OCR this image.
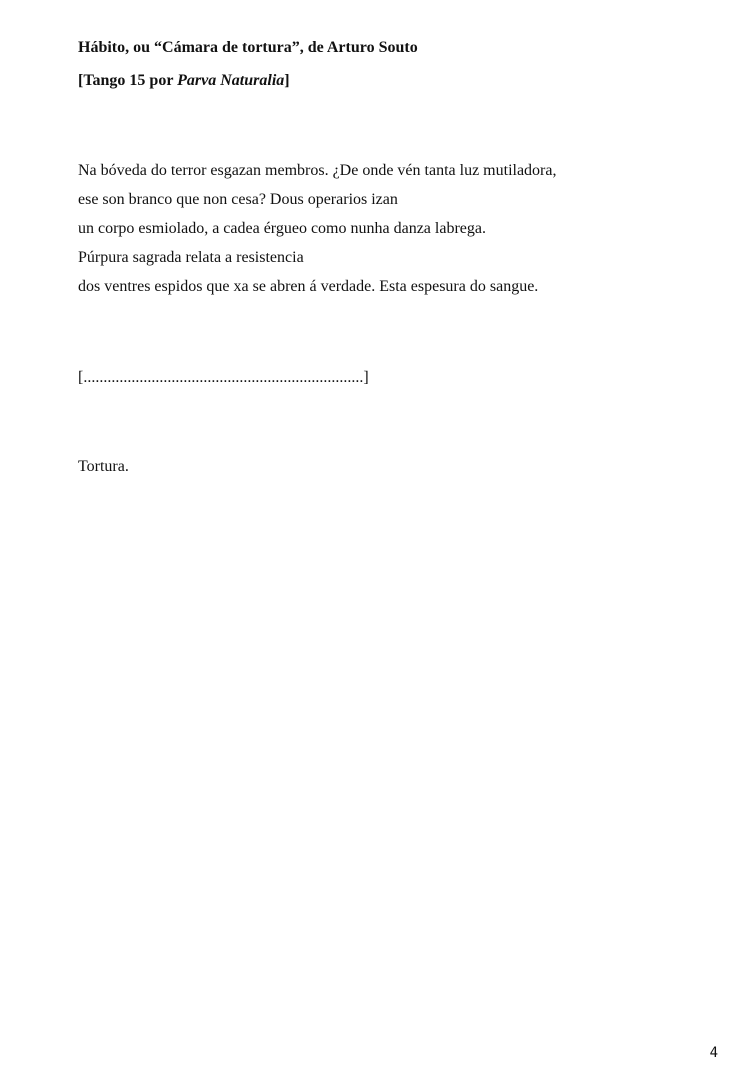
Hábito, ou “Cámara de tortura”, de Arturo Souto
[Tango 15 por Parva Naturalia]
Na bóveda do terror esgazan membros. ¿De onde vén tanta luz mutiladora,
ese son branco que non cesa? Dous operarios izan
un corpo esmiolado, a cadea érgueo como nunha danza labrega.
Púrpura sagrada relata a resistencia
dos ventres espidos que xa se abren á verdade. Esta espesura do sangue.
[......................................................................]
Tortura.
4
